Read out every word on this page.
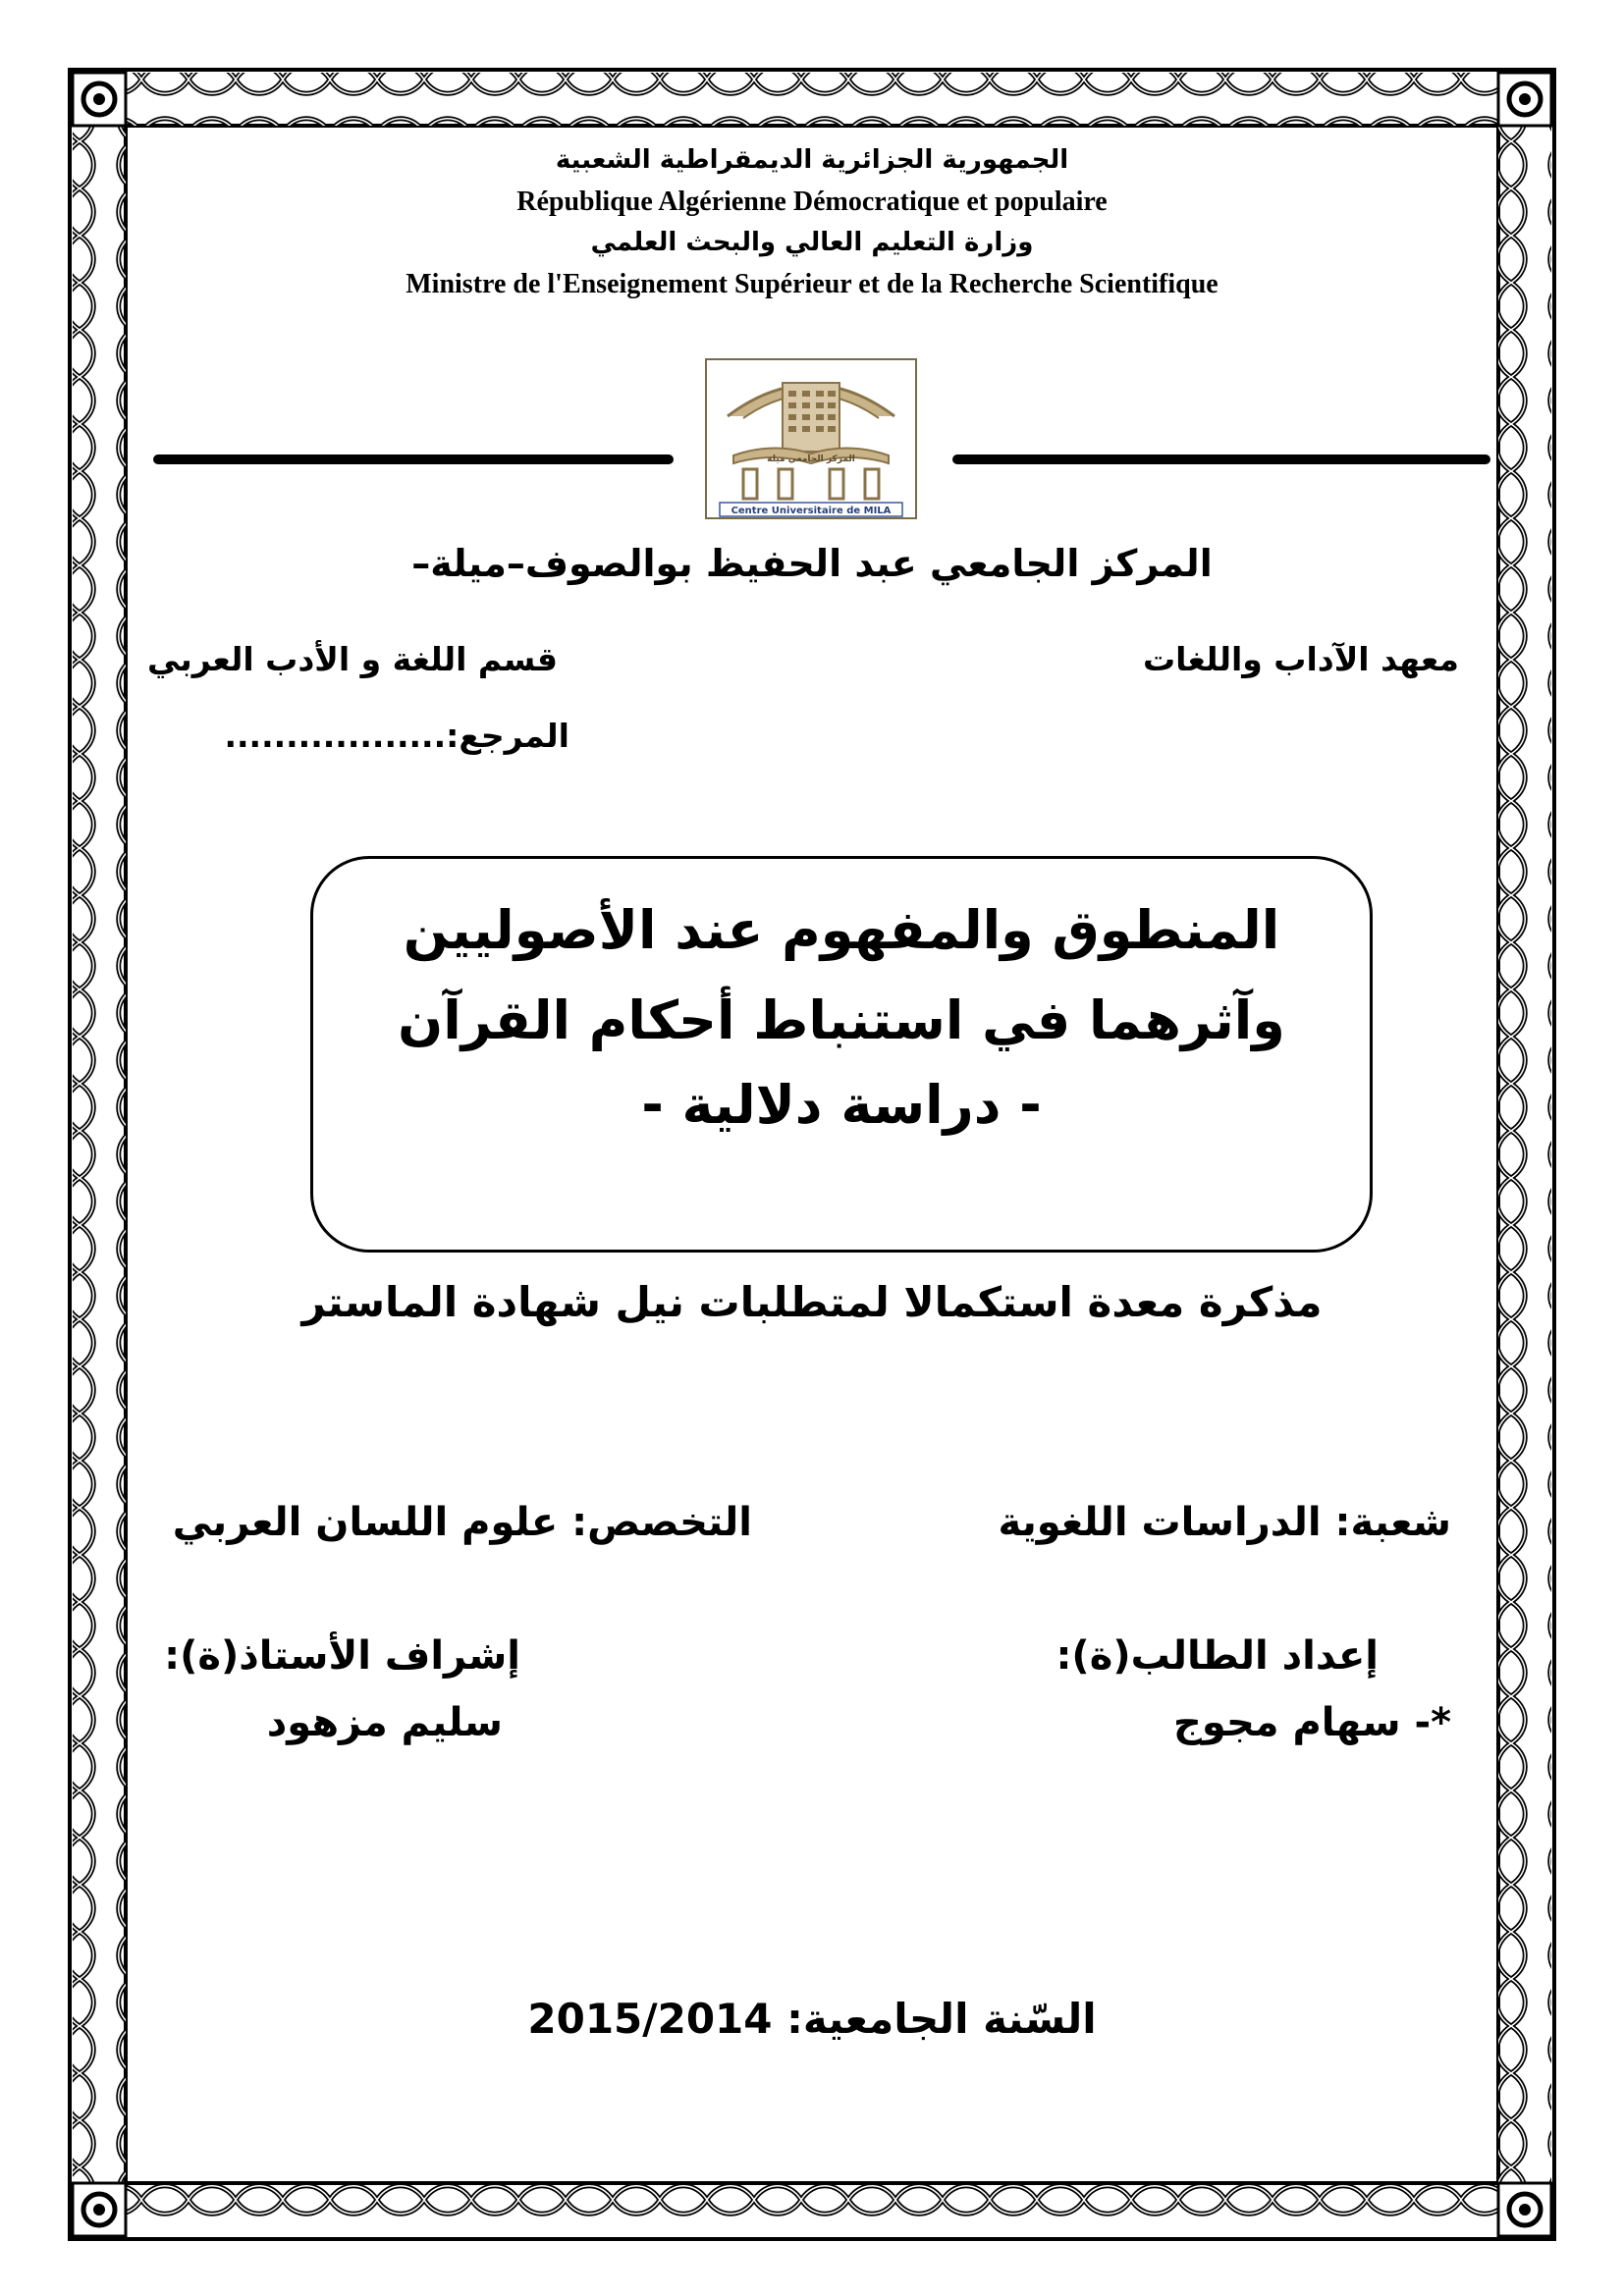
الجمهورية الجزائرية الديمقراطية الشعبية

République Algérienne Démocratique et populaire

وزارة التعليم العالي والبحث العلمي

Ministre de l'Enseignement Supérieur et de la Recherche Scientifique

المركز الجامعي ميلة
Centre Universitaire de MILA

المركز الجامعي عبد الحفيظ بوالصوف–ميلة–

معهد الآداب واللغات

قسم اللغة و الأدب العربي

المرجع:..................

المنطوق والمفهوم عند الأصوليين

وآثرهما في استنباط أحكام القرآن

- دراسة دلالية -

مذكرة معدة استكمالا لمتطلبات نيل شهادة الماستر

شعبة: الدراسات اللغوية

التخصص: علوم اللسان العربي

إعداد الطالب(ة):

*- سهام مجوج

إشراف الأستاذ(ة):

سليم مزهود

السّنة الجامعية: 2015/2014
